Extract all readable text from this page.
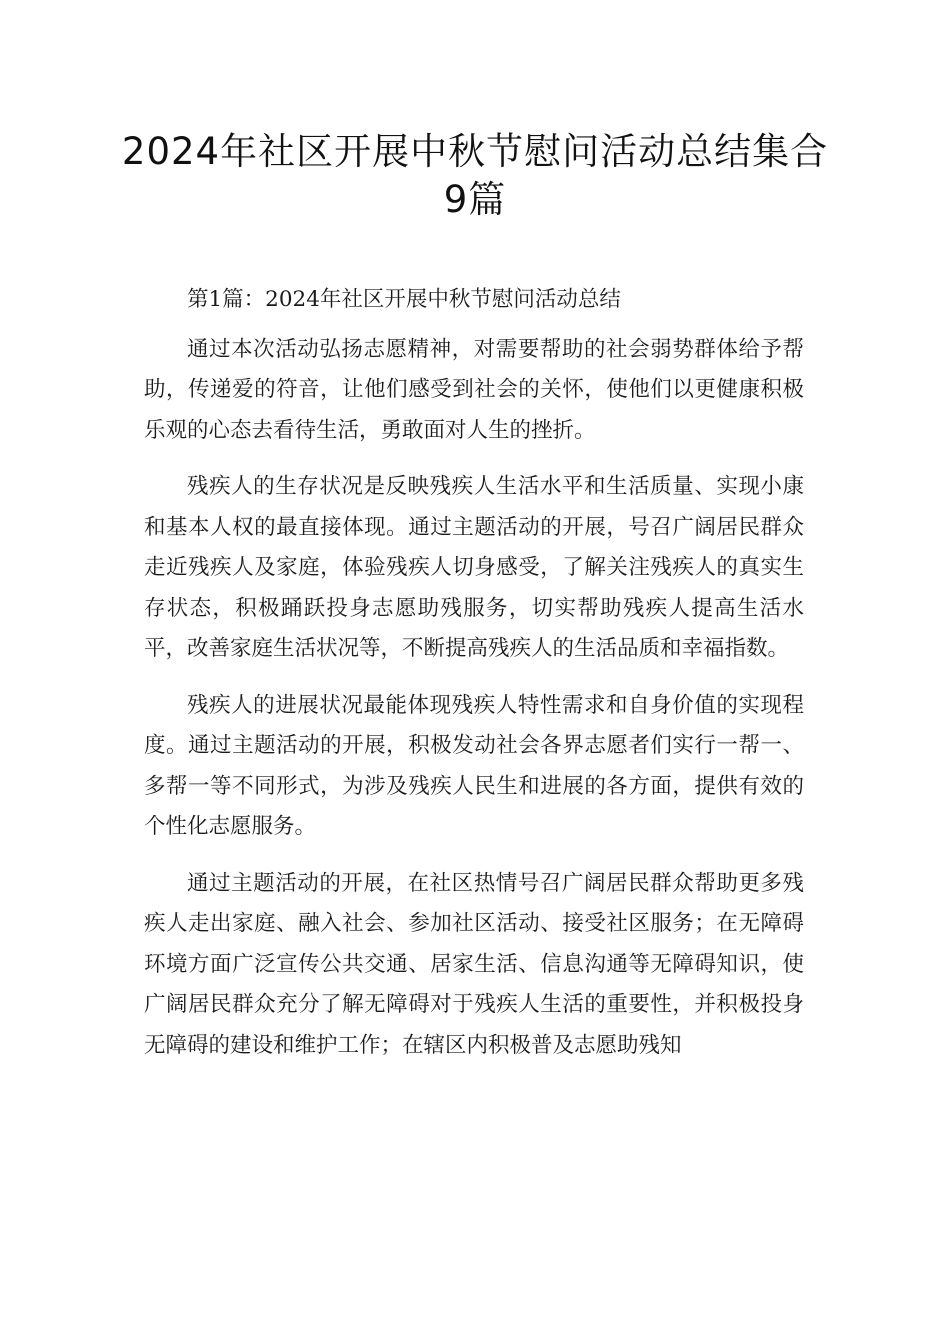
2024年社区开展中秋节慰问活动总结集合9篇

第1篇：2024年社区开展中秋节慰问活动总结

通过本次活动弘扬志愿精神，对需要帮助的社会弱势群体给予帮助，传递爱的符音，让他们感受到社会的关怀，使他们以更健康积极乐观的心态去看待生活，勇敢面对人生的挫折。

残疾人的生存状况是反映残疾人生活水平和生活质量、实现小康和基本人权的最直接体现。通过主题活动的开展，号召广阔居民群众走近残疾人及家庭，体验残疾人切身感受，了解关注残疾人的真实生存状态，积极踊跃投身志愿助残服务，切实帮助残疾人提高生活水平，改善家庭生活状况等，不断提高残疾人的生活品质和幸福指数。

残疾人的进展状况最能体现残疾人特性需求和自身价值的实现程度。通过主题活动的开展，积极发动社会各界志愿者们实行一帮一、多帮一等不同形式，为涉及残疾人民生和进展的各方面，提供有效的个性化志愿服务。

通过主题活动的开展，在社区热情号召广阔居民群众帮助更多残疾人走出家庭、融入社会、参加社区活动、接受社区服务；在无障碍环境方面广泛宣传公共交通、居家生活、信息沟通等无障碍知识，使广阔居民群众充分了解无障碍对于残疾人生活的重要性，并积极投身无障碍的建设和维护工作；在辖区内积极普及志愿助残知
